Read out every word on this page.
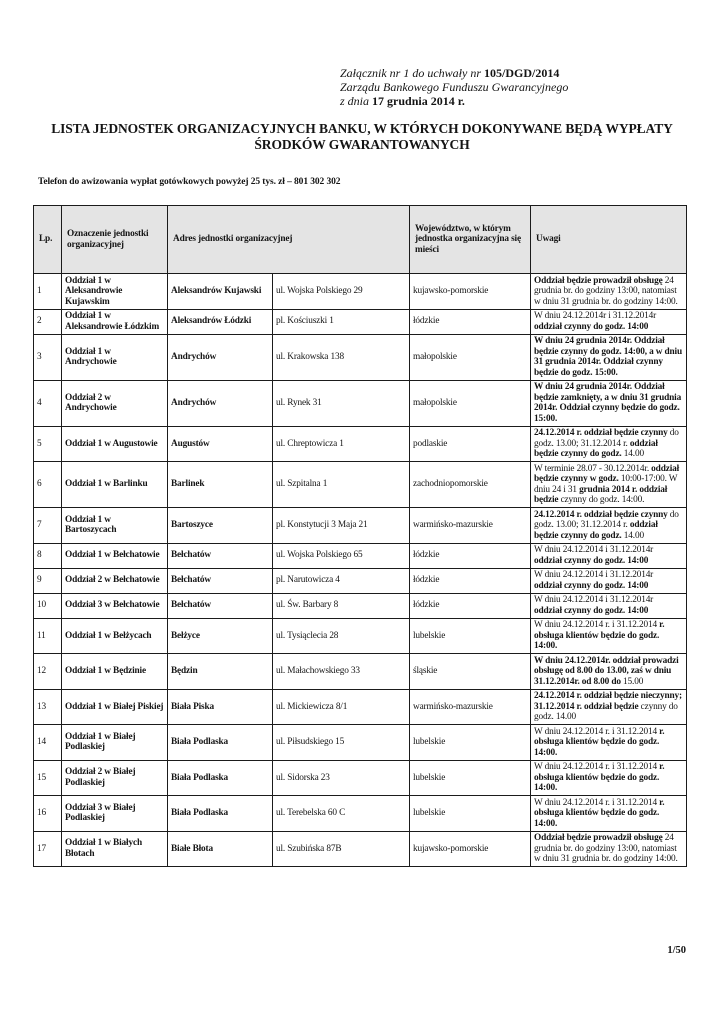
Załącznik nr 1 do uchwały nr 105/DGD/2014
Zarządu Bankowego Funduszu Gwarancyjnego
z dnia 17 grudnia 2014 r.
LISTA JEDNOSTEK ORGANIZACYJNYCH BANKU, W KTÓRYCH DOKONYWANE BĘDĄ WYPŁATY ŚRODKÓW GWARANTOWANYCH
Telefon do awizowania wypłat gotówkowych powyżej 25 tys. zł – 801 302 302
Lp.	Oznaczenie jednostki organizacyjnej	Adres jednostki organizacyjnej		Województwo, w którym jednostka organizacyjna się mieści	Uwagi
1	Oddział 1 w Aleksandrowie Kujawskim	Aleksandrów Kujawski	ul. Wojska Polskiego 29	kujawsko-pomorskie	Oddział będzie prowadził obsługę 24 grudnia br. do godziny 13:00, natomiast w dniu 31 grudnia br. do godziny 14:00.
2	Oddział 1 w Aleksandrowie Łódzkim	Aleksandrów Łódzki	pl. Kościuszki 1	łódzkie	W dniu 24.12.2014r i 31.12.2014r oddział czynny do godz. 14:00
3	Oddział 1 w Andrychowie	Andrychów	ul. Krakowska 138	małopolskie	W dniu 24 grudnia 2014r. Oddział będzie czynny do godz. 14:00, a w dniu 31 grudnia 2014r. Oddział czynny będzie do godz. 15:00.
4	Oddział 2 w Andrychowie	Andrychów	ul. Rynek 31	małopolskie	W dniu 24 grudnia 2014r. Oddział będzie zamknięty, a w dniu 31 grudnia 2014r. Oddział czynny będzie do godz. 15:00.
5	Oddział 1 w Augustowie	Augustów	ul. Chreptowicza 1	podlaskie	24.12.2014 r. oddział będzie czynny do godz. 13.00; 31.12.2014 r. oddział będzie czynny do godz. 14.00
6	Oddział 1 w Barlinku	Barlinek	ul. Szpitalna 1	zachodniopomorskie	W terminie 28.07 - 30.12.2014r. oddział będzie czynny w godz. 10:00-17:00. W dniu 24 i 31 grudnia 2014 r. oddział będzie czynny do godz. 14:00.
7	Oddział 1 w Bartoszycach	Bartoszyce	pl. Konstytucji 3 Maja 21	warmińsko-mazurskie	24.12.2014 r. oddział będzie czynny do godz. 13.00; 31.12.2014 r. oddział będzie czynny do godz. 14.00
8	Oddział 1 w Bełchatowie	Bełchatów	ul. Wojska Polskiego 65	łódzkie	W dniu 24.12.2014 i 31.12.2014r oddział czynny do godz. 14:00
9	Oddział 2 w Bełchatowie	Bełchatów	pl. Narutowicza 4	łódzkie	W dniu 24.12.2014 i 31.12.2014r oddział czynny do godz. 14:00
10	Oddział 3 w Bełchatowie	Bełchatów	ul. Św. Barbary 8	łódzkie	W dniu 24.12.2014 i 31.12.2014r oddział czynny do godz. 14:00
11	Oddział 1 w Bełżycach	Bełżyce	ul. Tysiąclecia 28	lubelskie	W dniu 24.12.2014 r. i 31.12.2014 r. obsługa klientów będzie do godz. 14:00.
12	Oddział 1 w Będzinie	Będzin	ul. Małachowskiego 33	śląskie	W dniu 24.12.2014r. oddział prowadzi obsługę od 8.00 do 13.00, zaś w dniu 31.12.2014r. od 8.00 do 15.00
13	Oddział 1 w Białej Piskiej	Biała Piska	ul. Mickiewicza 8/1	warmińsko-mazurskie	24.12.2014 r. oddział będzie nieczynny; 31.12.2014 r. oddział będzie czynny do godz. 14.00
14	Oddział 1 w Białej Podlaskiej	Biała Podlaska	ul. Piłsudskiego 15	lubelskie	W dniu 24.12.2014 r. i 31.12.2014 r. obsługa klientów będzie do godz. 14:00.
15	Oddział 2 w Białej Podlaskiej	Biała Podlaska	ul. Sidorska 23	lubelskie	W dniu 24.12.2014 r. i 31.12.2014 r. obsługa klientów będzie do godz. 14:00.
16	Oddział 3 w Białej Podlaskiej	Biała Podlaska	ul. Terebelska 60 C	lubelskie	W dniu 24.12.2014 r. i 31.12.2014 r. obsługa klientów będzie do godz. 14:00.
17	Oddział 1 w Białych Błotach	Białe Błota	ul. Szubińska 87B	kujawsko-pomorskie	Oddział będzie prowadził obsługę 24 grudnia br. do godziny 13:00, natomiast w dniu 31 grudnia br. do godziny 14:00.
1/50
